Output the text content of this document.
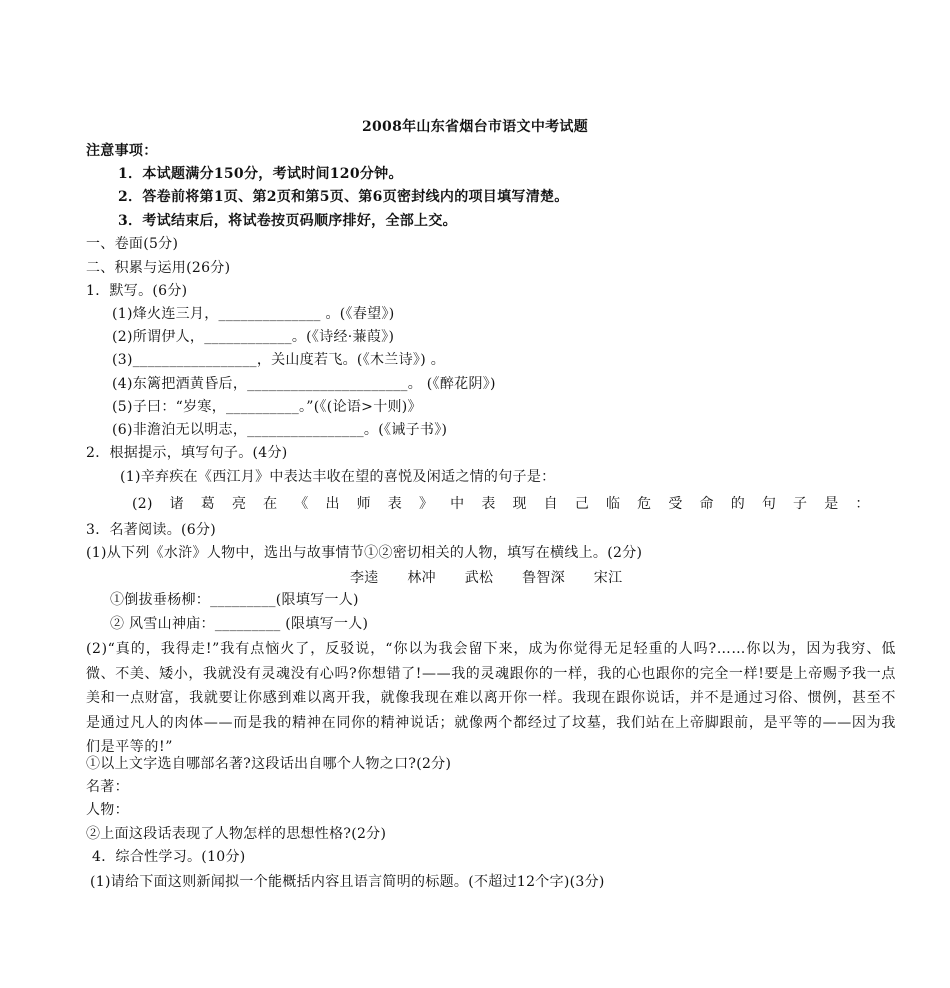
2008年山东省烟台市语文中考试题
注意事项：
1．本试题满分150分，考试时间120分钟。
2．答卷前将第1页、第2页和第5页、第6页密封线内的项目填写清楚。
3．考试结束后，将试卷按页码顺序排好，全部上交。
一、卷面(5分)
二、积累与运用(26分)
1．默写。(6分)
(1)烽火连三月，______________ 。(《春望》)
(2)所谓伊人，____________。(《诗经·蒹葭》)
(3)_________________，关山度若飞。(《木兰诗》) 。
(4)东篱把酒黄昏后，______________________。 (《醉花阴》)
(5)子曰：“岁寒，__________。”(《(论语>十则)》
(6)非澹泊无以明志，________________。(《诫子书》)
2．根据提示，填写句子。(4分)
(1)辛弃疾在《西江月》中表达丰收在望的喜悦及闲适之情的句子是：
(2) 诸 葛 亮 在 《 出 师 表 》 中 表 现 自 己 临 危 受 命 的 句 子 是 ：
3．名著阅读。(6分)
(1)从下列《水浒》人物中，选出与故事情节①②密切相关的人物，填写在横线上。(2分)
李逵 林冲 武松 鲁智深 宋江
①倒拔垂杨柳：_________(限填写一人)
② 风雪山神庙：_________ (限填写一人)
(2)“真的，我得走!”我有点恼火了，反驳说，“你以为我会留下来，成为你觉得无足轻重的人吗?……你以为，因为我穷、低微、不美、矮小，我就没有灵魂没有心吗?你想错了!——我的灵魂跟你的一样，我的心也跟你的完全一样!要是上帝赐予我一点美和一点财富，我就要让你感到难以离开我，就像我现在难以离开你一样。我现在跟你说话，并不是通过习俗、惯例，甚至不是通过凡人的肉体——而是我的精神在同你的精神说话；就像两个都经过了坟墓，我们站在上帝脚跟前，是平等的——因为我们是平等的!”
①以上文字选自哪部名著?这段话出自哪个人物之口?(2分)
名著：
人物：
②上面这段话表现了人物怎样的思想性格?(2分)
4．综合性学习。(10分)
(1)请给下面这则新闻拟一个能概括内容且语言简明的标题。(不超过12个字)(3分)
